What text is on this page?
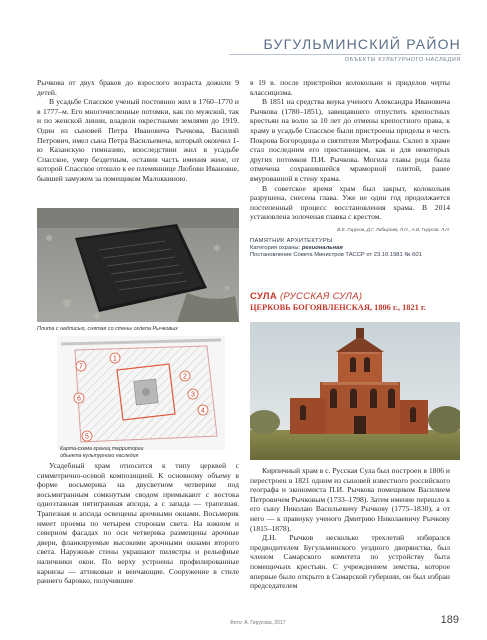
БУГУЛЬМИНСКИЙ РАЙОН
ОБЪЕКТЫ КУЛЬТУРНОГО НАСЛЕДИЯ

Рычкова от двух браков до взрослого возраста дожили 9 детей.

В усадьбе Спасское ученый постоянно жил в 1760–1770 и в 1777–м. Его многочисленные потомки, как по мужской, так и по женской линии, владели окрестными землями до 1919. Один из сыновей Петра Ивановича Рычкова, Василий Петрович, имел сына Петра Васильевича, который окончил 1-ю Казанскую гимназию, впоследствии жил в усадьбе Спасское, умер бездетным, оставив часть имения жене, от которой Спасское отошло к ее племяннице Любови Ивановне, бывшей замужем за помещиком Малоккиною.

в 19 в. после пристройки колокольни и приделов черты классицизма.

В 1851 на средства внука ученого Александра Ивановича Рычкова (1780–1851), завещавшего отпустить крепостных крестьян на волю за 10 лет до отмены крепостного права, к храму в усадьбе Спасское были пристроены приделы в честь Покрова Богородицы и святителя Митрофана. Склеп в храме стал последним его пристанищем, как и для некоторых других потомков П.И. Рычкова. Могила главы рода была отмечена сохранившейся мраморной плитой, ранее вмурованной в стену храма.

В советское время храм был закрыт, колокольня разрушена, снесена глава. Уже не один год продолжается постепенный процесс восстановления храма. В 2014 установлена золоченая главка с крестом.

В.Е. Гирусов, Д.Г. Лобырова, Л.Н., А.И. Гирусов, Л.Н.
ПАМЯТНИК АРХИТЕКТУРЫ
Категория охраны: региональная
Постановление Совета Министров ТАССР от 23.10.1981 № 601
Плита с надписью, снятая со стены склепа Рычковых
СУЛА (РУССКАЯ СУЛА)
ЦЕРКОВЬ БОГОЯВЛЕНСКАЯ, 1806 г., 1821 г.
1
2
3
4
5
6
7
Карта-схема границ территории
объекта культурного наследия

Усадебный храм относится к типу церквей с симметрично-осевой композицией. К основному объему в форме восьмерика на двусветном четверике под восьмигранным сомкнутым сводом примыкают с востока одноэтажная пятигранная апсида, а с запада — трапезная. Трапезная и апсида освещены арочными окнами. Восьмерик имеет проемы по четырем сторонам света. На южном и северном фасадах по оси четверика размещены арочные двери, фланкируемые высокими арочными окнами второго света. Наружные стены украшают пилястры и рельефные наличники окон. По верху устроены профилированные карнизы — аттиковые и венчающие. Сооружение в стиле раннего барокко, получившее

Кирпичный храм в с. Русская Сула был построен в 1806 и перестроен в 1821 одним из сыновей известного российского географа и экономиста П.И. Рычкова помещиком Василием Петровичем Рычковым (1733–1798). Затем имение перешло к его сыну Николаю Васильевичу Рычкову (1775–1830), а от него — к правнуку ученого Дмитрию Николаевичу Рычкову (1815–1878).

Д.Н. Рычков несколько трехлетий избирался предводителем Бугульминского уездного дворянства, был членом Самарского комитета по устройству быта помещичьих крестьян. С учреждением земства, которое впервые было открыто в Самарской губернии, он был избран председателем

Фото: А. Гирусова, 2017	189
